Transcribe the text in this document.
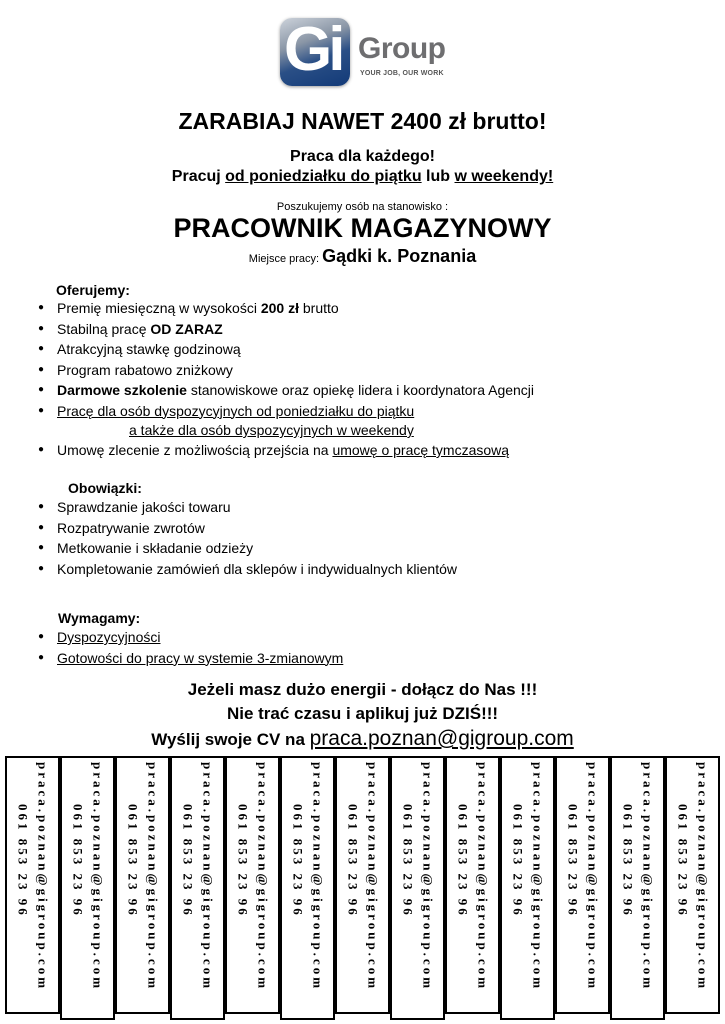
Gi Group
YOUR JOB, OUR WORK
ZARABIAJ NAWET 2400 zł brutto!
Praca dla każdego!
Pracuj od poniedziałku do piątku lub w weekendy!
Poszukujemy osób na stanowisko :
PRACOWNIK MAGAZYNOWY
Miejsce pracy: Gądki k. Poznania
Oferujemy:
● Premię miesięczną w wysokości 200 zł brutto
● Stabilną pracę OD ZARAZ
● Atrakcyjną stawkę godzinową
● Program rabatowo zniżkowy
● Darmowe szkolenie stanowiskowe oraz opiekę lidera i koordynatora Agencji
● Pracę dla osób dyspozycyjnych od poniedziałku do piątku
a także dla osób dyspozycyjnych w weekendy
● Umowę zlecenie z możliwością przejścia na umowę o pracę tymczasową
Obowiązki:
● Sprawdzanie jakości towaru
● Rozpatrywanie zwrotów
● Metkowanie i składanie odzieży
● Kompletowanie zamówień dla sklepów i indywidualnych klientów
Wymagamy:
● Dyspozycyjności
● Gotowości do pracy w systemie 3-zmianowym
Jeżeli masz dużo energii - dołącz do Nas !!!
Nie trać czasu i aplikuj już DZIŚ!!!
Wyślij swoje CV na praca.poznan@gigroup.com
praca.poznan@gigroup.com
061 853 23 96	praca.poznan@gigroup.com
061 853 23 96	praca.poznan@gigroup.com
061 853 23 96	praca.poznan@gigroup.com
061 853 23 96	praca.poznan@gigroup.com
061 853 23 96	praca.poznan@gigroup.com
061 853 23 96	praca.poznan@gigroup.com
061 853 23 96	praca.poznan@gigroup.com
061 853 23 96	praca.poznan@gigroup.com
061 853 23 96	praca.poznan@gigroup.com
061 853 23 96	praca.poznan@gigroup.com
061 853 23 96	praca.poznan@gigroup.com
061 853 23 96	praca.poznan@gigroup.com
061 853 23 96
